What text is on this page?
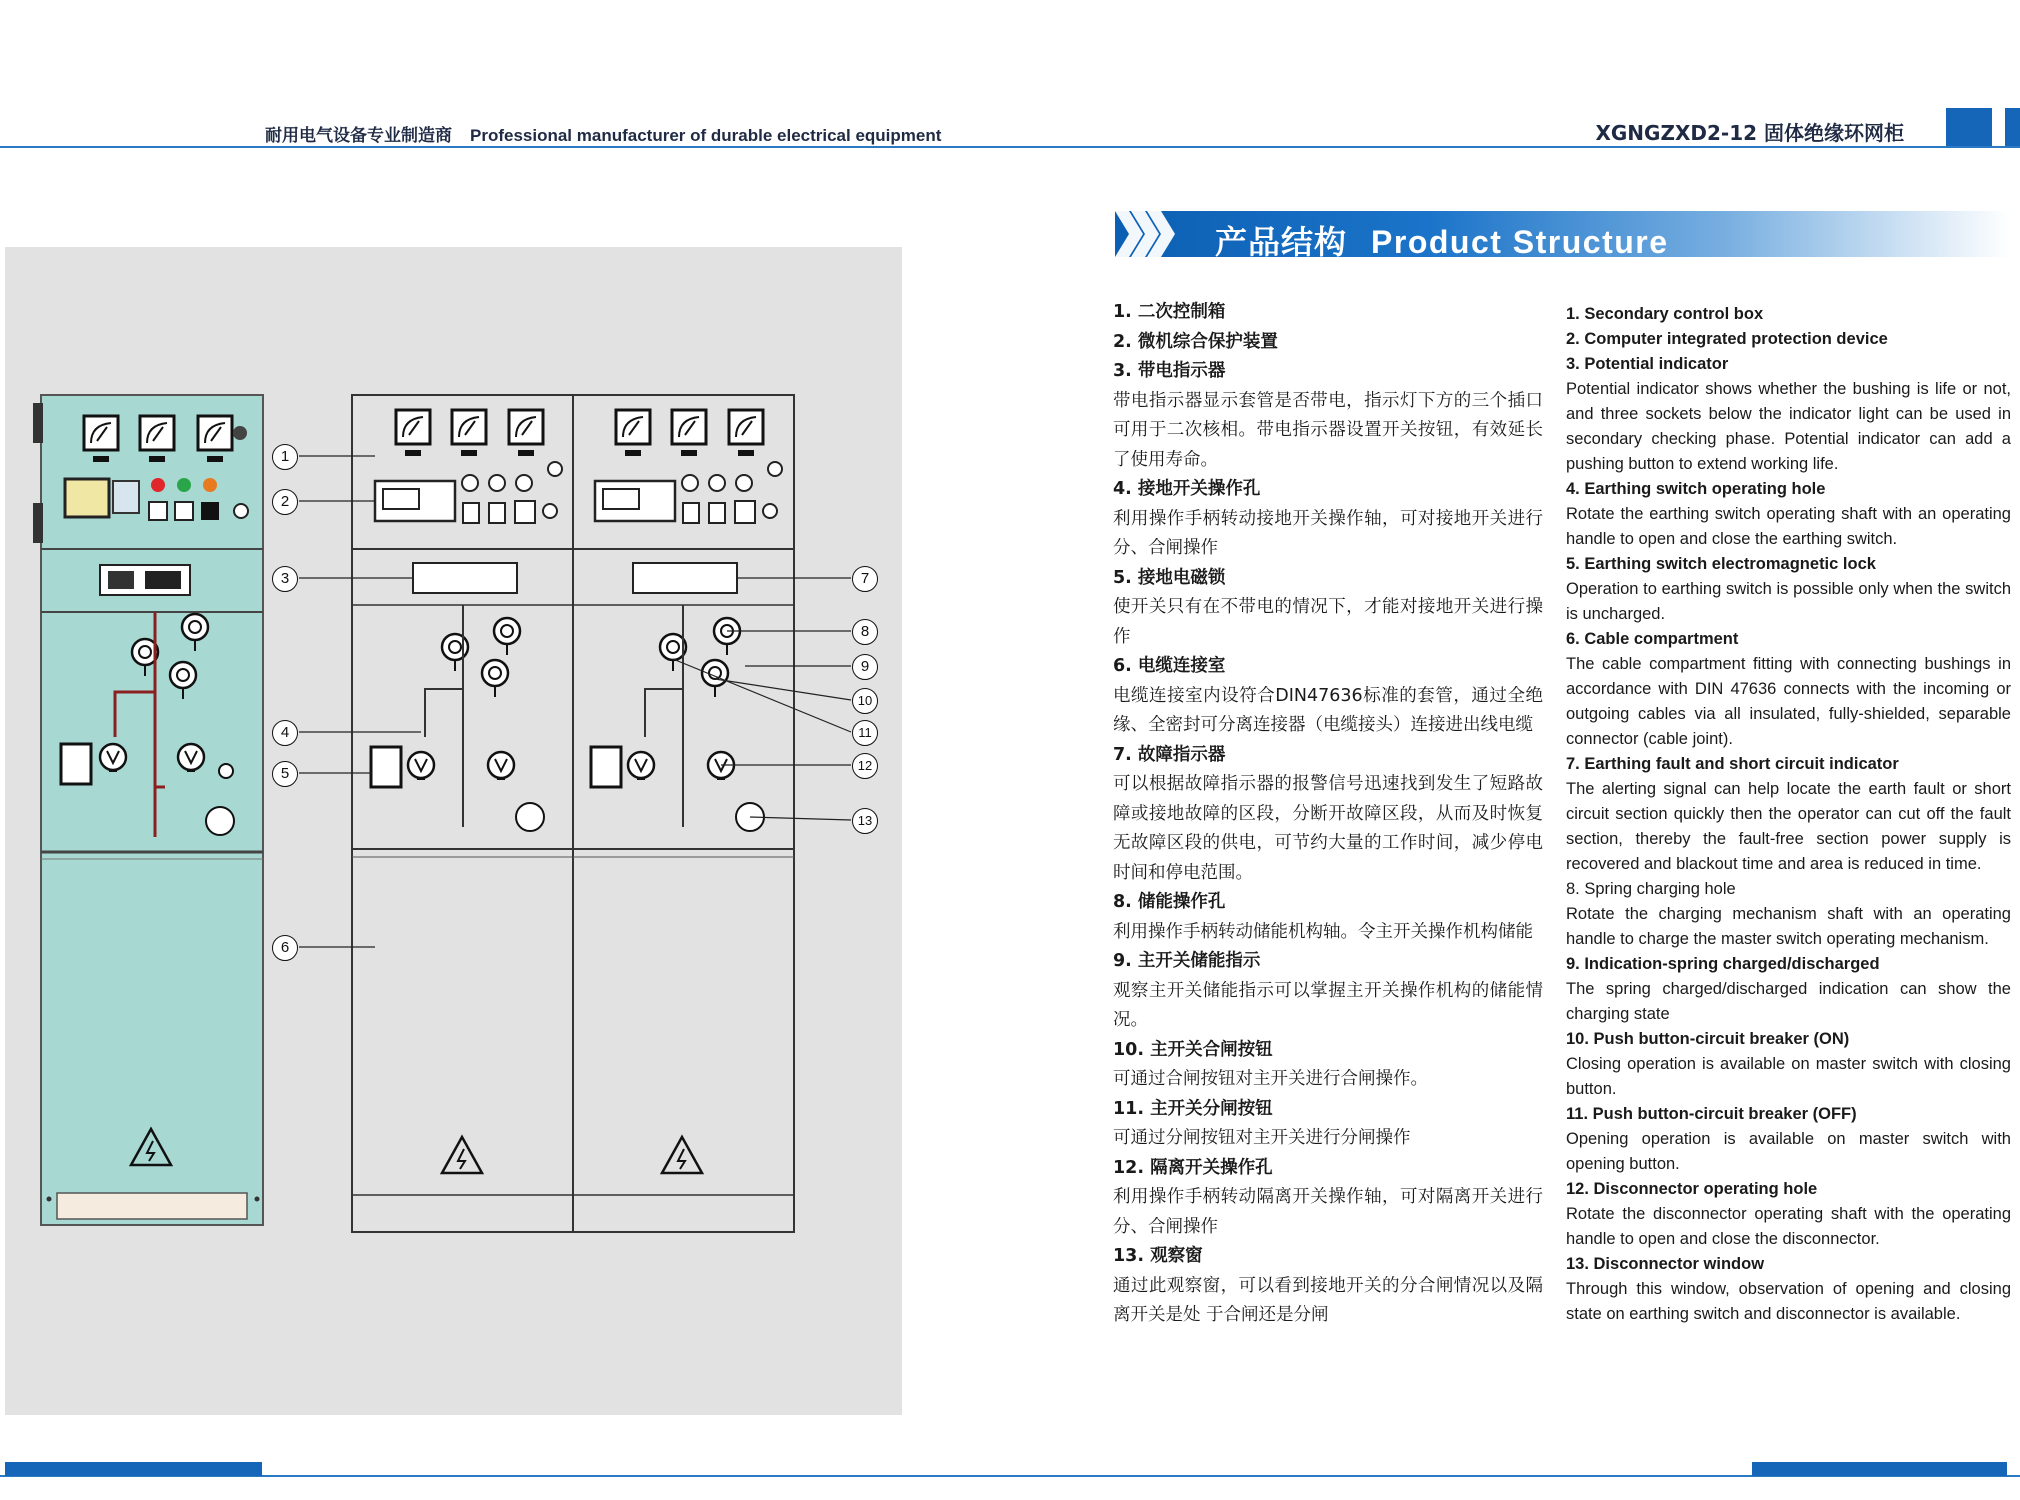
耐用电气设备专业制造商 Professional manufacturer of durable electrical equipment	XGNGZXD2-12 固体绝缘环网柜
1
2
3
4
5
6
7
8
9
10
11
12
13
产品结构 Product Structure

1. 二次控制箱

2. 微机综合保护装置

3. 带电指示器

带电指示器显示套管是否带电，指示灯下方的三个插口可用于二次核相。带电指示器设置开关按钮，有效延长了使用寿命。

4. 接地开关操作孔

利用操作手柄转动接地开关操作轴，可对接地开关进行分、合闸操作

5. 接地电磁锁

使开关只有在不带电的情况下，才能对接地开关进行操作

6. 电缆连接室

电缆连接室内设符合DIN47636标准的套管，通过全绝缘、全密封可分离连接器（电缆接头）连接进出线电缆

7. 故障指示器

可以根据故障指示器的报警信号迅速找到发生了短路故障或接地故障的区段，分断开故障区段，从而及时恢复无故障区段的供电，可节约大量的工作时间，减少停电时间和停电范围。

8. 储能操作孔

利用操作手柄转动储能机构轴。令主开关操作机构储能

9. 主开关储能指示

观察主开关储能指示可以掌握主开关操作机构的储能情况。

10. 主开关合闸按钮

可通过合闸按钮对主开关进行合闸操作。

11. 主开关分闸按钮

可通过分闸按钮对主开关进行分闸操作

12. 隔离开关操作孔

利用操作手柄转动隔离开关操作轴，可对隔离开关进行分、合闸操作

13. 观察窗

通过此观察窗，可以看到接地开关的分合闸情况以及隔离开关是处 于合闸还是分闸

1. Secondary control box

2. Computer integrated protection device

3. Potential indicator

Potential indicator shows whether the bushing is life or not, and three sockets below the indicator light can be used in secondary checking phase. Potential indicator can add a pushing button to extend working life.

4. Earthing switch operating hole

Rotate the earthing switch operating shaft with an operating handle to open and close the earthing switch.

5. Earthing switch electromagnetic lock

Operation to earthing switch is possible only when the switch is uncharged.

6. Cable compartment

The cable compartment fitting with connecting bushings in accordance with DIN 47636 connects with the incoming or outgoing cables via all insulated, fully-shielded, separable connector (cable joint).

7. Earthing fault and short circuit indicator

The alerting signal can help locate the earth fault or short circuit section quickly then the operator can cut off the fault section, thereby the fault-free section power supply is recovered and blackout time and area is reduced in time.

8. Spring charging hole

Rotate the charging mechanism shaft with an operating handle to charge the master switch operating mechanism.

9. Indication-spring charged/discharged

The spring charged/discharged indication can show the charging state

10. Push button-circuit breaker (ON)

Closing operation is available on master switch with closing button.

11. Push button-circuit breaker (OFF)

Opening operation is available on master switch with opening button.

12. Disconnector operating hole

Rotate the disconnector operating shaft with the operating handle to open and close the disconnector.

13. Disconnector window

Through this window, observation of opening and closing state on earthing switch and disconnector is available.
